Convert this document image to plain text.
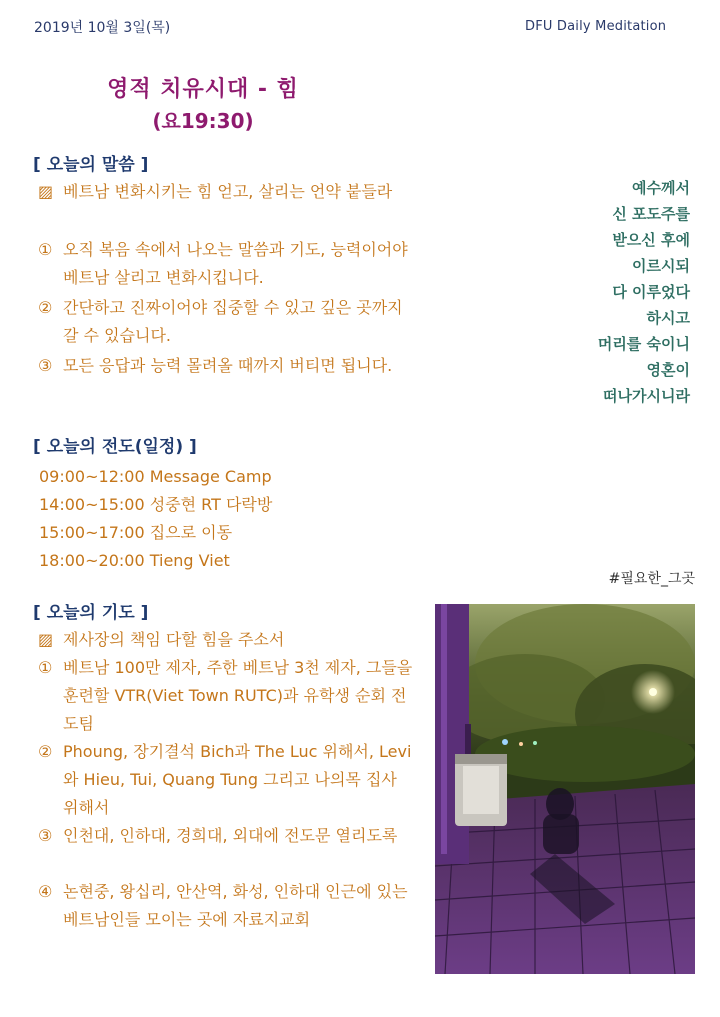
2019년 10월 3일(목)	DFU Daily Meditation
영적 치유시대 - 힘
(요19:30)
[ 오늘의 말씀 ]
▨ 베트남 변화시키는 힘 얻고, 살리는 언약 붙들라
① 오직 복음 속에서 나오는 말씀과 기도, 능력이어야 베트남 살리고 변화시킵니다.
② 간단하고 진짜이어야 집중할 수 있고 깊은 곳까지 갈 수 있습니다.
③ 모든 응답과 능력 몰려올 때까지 버티면 됩니다.
[ 오늘의 전도(일정) ]
09:00~12:00 Message Camp
14:00~15:00 성중현 RT 다락방
15:00~17:00 집으로 이동
18:00~20:00 Tieng Viet
[ 오늘의 기도 ]
▨ 제사장의 책임 다할 힘을 주소서
① 베트남 100만 제자, 주한 베트남 3천 제자, 그들을 훈련할 VTR(Viet Town RUTC)과 유학생 순회 전도팀
② Phoung, 장기결석 Bich과 The Luc 위해서, Levi와 Hieu, Tui, Quang Tung 그리고 나의목 집사 위해서
③ 인천대, 인하대, 경희대, 외대에 전도문 열리도록
④ 논현중, 왕십리, 안산역, 화성, 인하대 인근에 있는 베트남인들 모이는 곳에 자료지교회
예수께서
신 포도주를
받으신 후에
이르시되
다 이루었다
하시고
머리를 숙이니
영혼이
떠나가시니라
#필요한_그곳
